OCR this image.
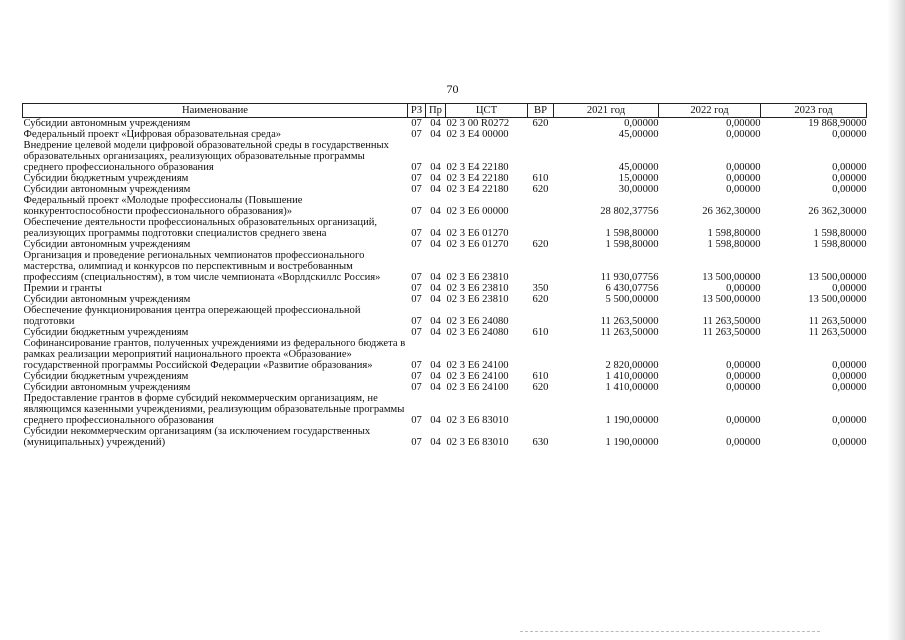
70
Наименование	РЗ	Пр	ЦСТ	ВР	2021 год	2022 год	2023 год
Субсидии автономным учреждениям	07	04	02 3 00 R0272	620	0,00000	0,00000	19 868,90000
Федеральный проект «Цифровая образовательная среда»	07	04	02 3 E4 00000		45,00000	0,00000	0,00000
Внедрение целевой модели цифровой образовательной среды в государственных образовательных организациях, реализующих образовательные программы среднего профессионального образования	07	04	02 3 E4 22180		45,00000	0,00000	0,00000
Субсидии бюджетным учреждениям	07	04	02 3 E4 22180	610	15,00000	0,00000	0,00000
Субсидии автономным учреждениям	07	04	02 3 E4 22180	620	30,00000	0,00000	0,00000
Федеральный проект «Молодые профессионалы (Повышение конкурентоспособности профессионального образования)»	07	04	02 3 E6 00000		28 802,37756	26 362,30000	26 362,30000
Обеспечение деятельности профессиональных образовательных организаций, реализующих программы подготовки специалистов среднего звена	07	04	02 3 E6 01270		1 598,80000	1 598,80000	1 598,80000
Субсидии автономным учреждениям	07	04	02 3 E6 01270	620	1 598,80000	1 598,80000	1 598,80000
Организация и проведение региональных чемпионатов профессионального мастерства, олимпиад и конкурсов по перспективным и востребованным профессиям (специальностям), в том числе чемпионата «Ворлдскиллс Россия»	07	04	02 3 E6 23810		11 930,07756	13 500,00000	13 500,00000
Премии и гранты	07	04	02 3 E6 23810	350	6 430,07756	0,00000	0,00000
Субсидии автономным учреждениям	07	04	02 3 E6 23810	620	5 500,00000	13 500,00000	13 500,00000
Обеспечение функционирования центра опережающей профессиональной подготовки	07	04	02 3 E6 24080		11 263,50000	11 263,50000	11 263,50000
Субсидии бюджетным учреждениям	07	04	02 3 E6 24080	610	11 263,50000	11 263,50000	11 263,50000
Софинансирование грантов, полученных учреждениями из федерального бюджета в рамках реализации мероприятий национального проекта «Образование» государственной программы Российской Федерации «Развитие образования»	07	04	02 3 E6 24100		2 820,00000	0,00000	0,00000
Субсидии бюджетным учреждениям	07	04	02 3 E6 24100	610	1 410,00000	0,00000	0,00000
Субсидии автономным учреждениям	07	04	02 3 E6 24100	620	1 410,00000	0,00000	0,00000
Предоставление грантов в форме субсидий некоммерческим организациям, не являющимся казенными учреждениями, реализующим образовательные программы среднего профессионального образования	07	04	02 3 E6 83010		1 190,00000	0,00000	0,00000
Субсидии некоммерческим организациям (за исключением государственных (муниципальных) учреждений)	07	04	02 3 E6 83010	630	1 190,00000	0,00000	0,00000
